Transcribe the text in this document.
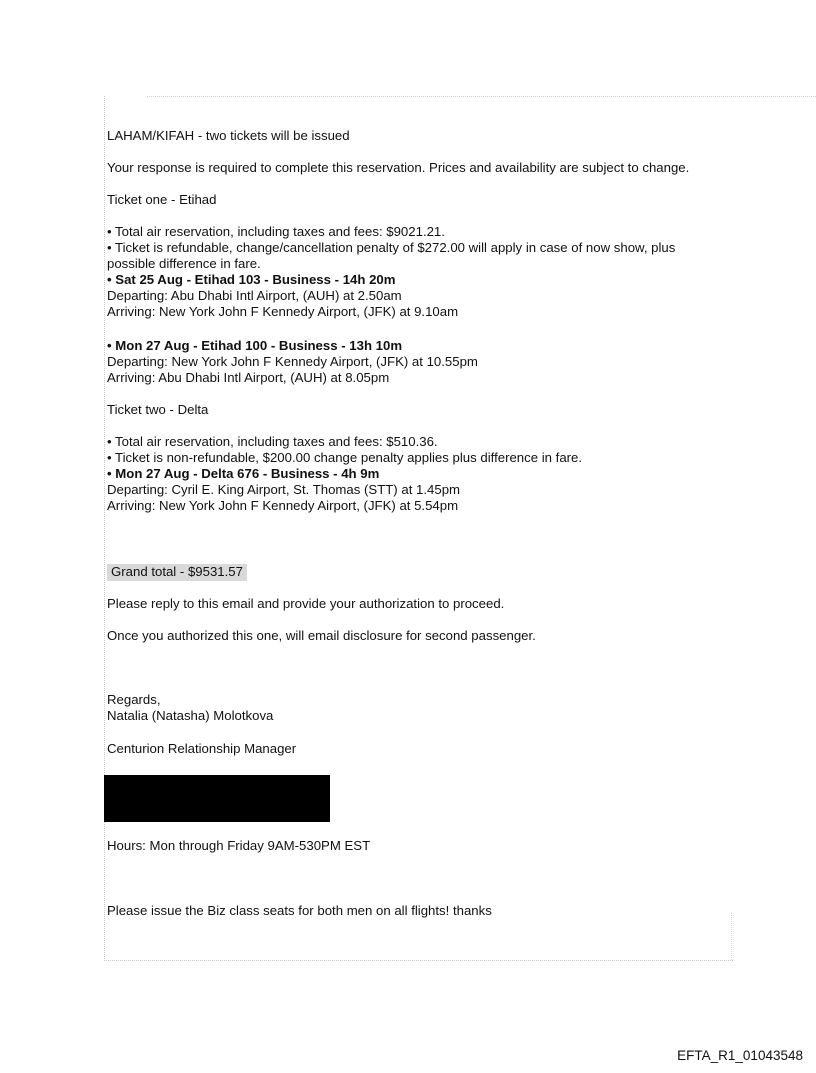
LAHAM/KIFAH - two tickets will be issued
Your response is required to complete this reservation. Prices and availability are subject to change.
Ticket one - Etihad
• Total air reservation, including taxes and fees: $9021.21.
• Ticket is refundable, change/cancellation penalty of $272.00 will apply in case of now show, plus
possible difference in fare.
• Sat 25 Aug - Etihad 103 - Business - 14h 20m
Departing: Abu Dhabi Intl Airport, (AUH) at 2.50am
Arriving: New York John F Kennedy Airport, (JFK) at 9.10am
• Mon 27 Aug - Etihad 100 - Business - 13h 10m
Departing: New York John F Kennedy Airport, (JFK) at 10.55pm
Arriving: Abu Dhabi Intl Airport, (AUH) at 8.05pm
Ticket two - Delta
• Total air reservation, including taxes and fees: $510.36.
• Ticket is non-refundable, $200.00 change penalty applies plus difference in fare.
• Mon 27 Aug - Delta 676 - Business - 4h 9m
Departing: Cyril E. King Airport, St. Thomas (STT) at 1.45pm
Arriving: New York John F Kennedy Airport, (JFK) at 5.54pm
Grand total - $9531.57
Please reply to this email and provide your authorization to proceed.
Once you authorized this one, will email disclosure for second passenger.
Regards,
Natalia (Natasha) Molotkova
Centurion Relationship Manager
Hours: Mon through Friday 9AM-530PM EST
Please issue the Biz class seats for both men on all flights! thanks
EFTA_R1_01043548
